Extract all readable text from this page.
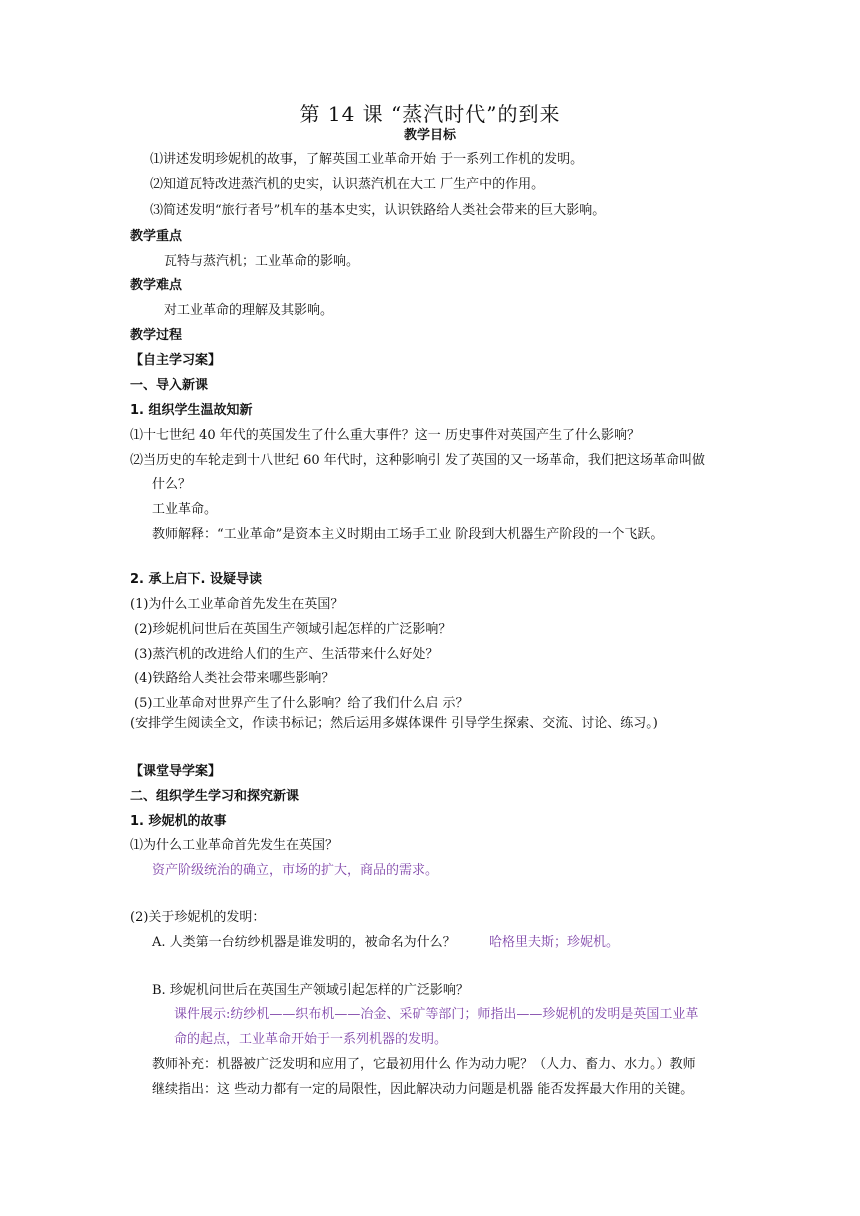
第 14 课 “蒸汽时代”的到来
教学目标
⑴讲述发明珍妮机的故事，了解英国工业革命开始 于一系列工作机的发明。
⑵知道瓦特改进蒸汽机的史实，认识蒸汽机在大工 厂生产中的作用。
⑶简述发明“旅行者号”机车的基本史实，认识铁路给人类社会带来的巨大影响。
教学重点
瓦特与蒸汽机；工业革命的影响。
教学难点
对工业革命的理解及其影响。
教学过程
【自主学习案】
一、导入新课
1. 组织学生温故知新
⑴十七世纪 40 年代的英国发生了什么重大事件？这一 历史事件对英国产生了什么影响？
⑵当历史的车轮走到十八世纪 60 年代时，这种影响引 发了英国的又一场革命，我们把这场革命叫做
什么？
工业革命。
教师解释：“工业革命”是资本主义时期由工场手工业 阶段到大机器生产阶段的一个飞跃。
2. 承上启下. 设疑导读
(1)为什么工业革命首先发生在英国？
(2)珍妮机问世后在英国生产领域引起怎样的广泛影响？
(3)蒸汽机的改进给人们的生产、生活带来什么好处？
(4)铁路给人类社会带来哪些影响？
(5)工业革命对世界产生了什么影响？给了我们什么启 示？
(安排学生阅读全文，作读书标记；然后运用多媒体课件 引导学生探索、交流、讨论、练习。)
【课堂导学案】
二、组织学生学习和探究新课
1. 珍妮机的故事
⑴为什么工业革命首先发生在英国？
资产阶级统治的确立，市场的扩大，商品的需求。
(2)关于珍妮机的发明：
A. 人类第一台纺纱机器是谁发明的，被命名为什么？	哈格里夫斯；珍妮机。
B. 珍妮机问世后在英国生产领域引起怎样的广泛影响？
课件展示:纺纱机——织布机——冶金、采矿等部门；师指出——珍妮机的发明是英国工业革
命的起点，工业革命开始于一系列机器的发明。
教师补充：机器被广泛发明和应用了，它最初用什么 作为动力呢？（人力、畜力、水力。）教师
继续指出：这 些动力都有一定的局限性，因此解决动力问题是机器 能否发挥最大作用的关键。
